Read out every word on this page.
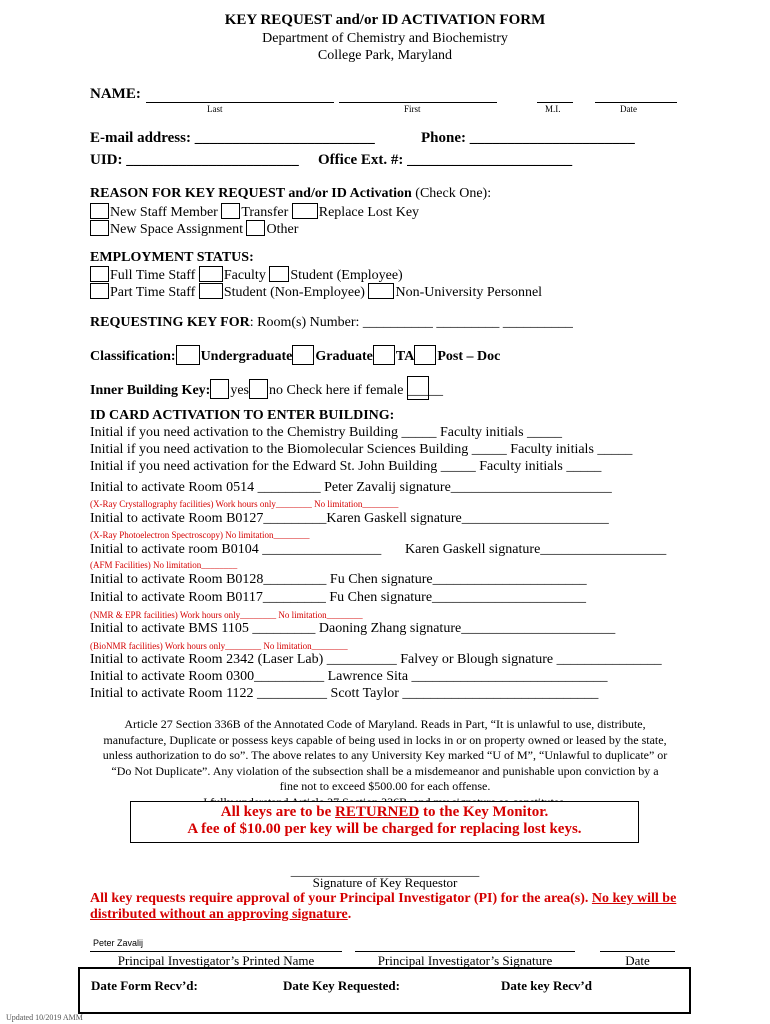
KEY REQUEST and/or ID ACTIVATION FORM
Department of Chemistry and Biochemistry
College Park, Maryland
NAME:
Last	First	M.I.	Date
E-mail address: ________________________	Phone: ______________________
UID: _______________________ Office Ext. #: ______________________
REASON FOR KEY REQUEST and/or ID Activation (Check One):
New Staff Member Transfer Replace Lost Key
New Space Assignment Other
EMPLOYMENT STATUS:
Full Time Staff Faculty Student (Employee)
Part Time Staff Student (Non-Employee) Non-University Personnel
REQUESTING KEY FOR: Room(s) Number: __________ _________ __________
Classification: Undergraduate Graduate TA Post – Doc
Inner Building Key: yes no Check here if female _____
ID CARD ACTIVATION TO ENTER BUILDING:
Initial if you need activation to the Chemistry Building _____ Faculty initials _____
Initial if you need activation to the Biomolecular Sciences Building _____ Faculty initials _____
Initial if you need activation for the Edward St. John Building _____ Faculty initials _____
Initial to activate Room 0514 _________ Peter Zavalij signature_______________________
(X-Ray Crystallography facilities) Work hours only________ No limitation________
Initial to activate Room B0127_________Karen Gaskell signature_____________________
(X-Ray Photoelectron Spectroscopy) No limitation________
Initial to activate room B0104 _________________ Karen Gaskell signature__________________
(AFM Facilities) No limitation________
Initial to activate Room B0128_________ Fu Chen signature______________________
Initial to activate Room B0117_________ Fu Chen signature______________________
(NMR & EPR facilities) Work hours only________ No limitation________
Initial to activate BMS 1105 _________ Daoning Zhang signature______________________
(BioNMR facilities) Work hours only________ No limitation________
Initial to activate Room 2342 (Laser Lab) __________ Falvey or Blough signature _______________
Initial to activate Room 0300__________ Lawrence Sita ____________________________
Initial to activate Room 1122 __________ Scott Taylor ____________________________
Article 27 Section 336B of the Annotated Code of Maryland. Reads in Part, “It is unlawful to use, distribute,
manufacture, Duplicate or possess keys capable of being used in locks in or on property owned or leased by the state,
unless authorization to do so”. The above relates to any University Key marked “U of M”, “Unlawful to duplicate” or
“Do Not Duplicate”. Any violation of the subsection shall be a misdemeanor and punishable upon conviction by a
fine not to exceed $500.00 for each offense.
All keys are to be RETURNED to the Key Monitor.
A fee of $10.00 per key will be charged for replacing lost keys.
_____________________________
Signature of Key Requestor
All key requests require approval of your Principal Investigator (PI) for the area(s). No key will be
distributed without an approving signature.
Peter Zavalij
Principal Investigator’s Printed Name	Principal Investigator’s Signature	Date
Date Form Recv’d:	Date Key Requested:	Date key Recv’d
Updated 10/2019 AMM
